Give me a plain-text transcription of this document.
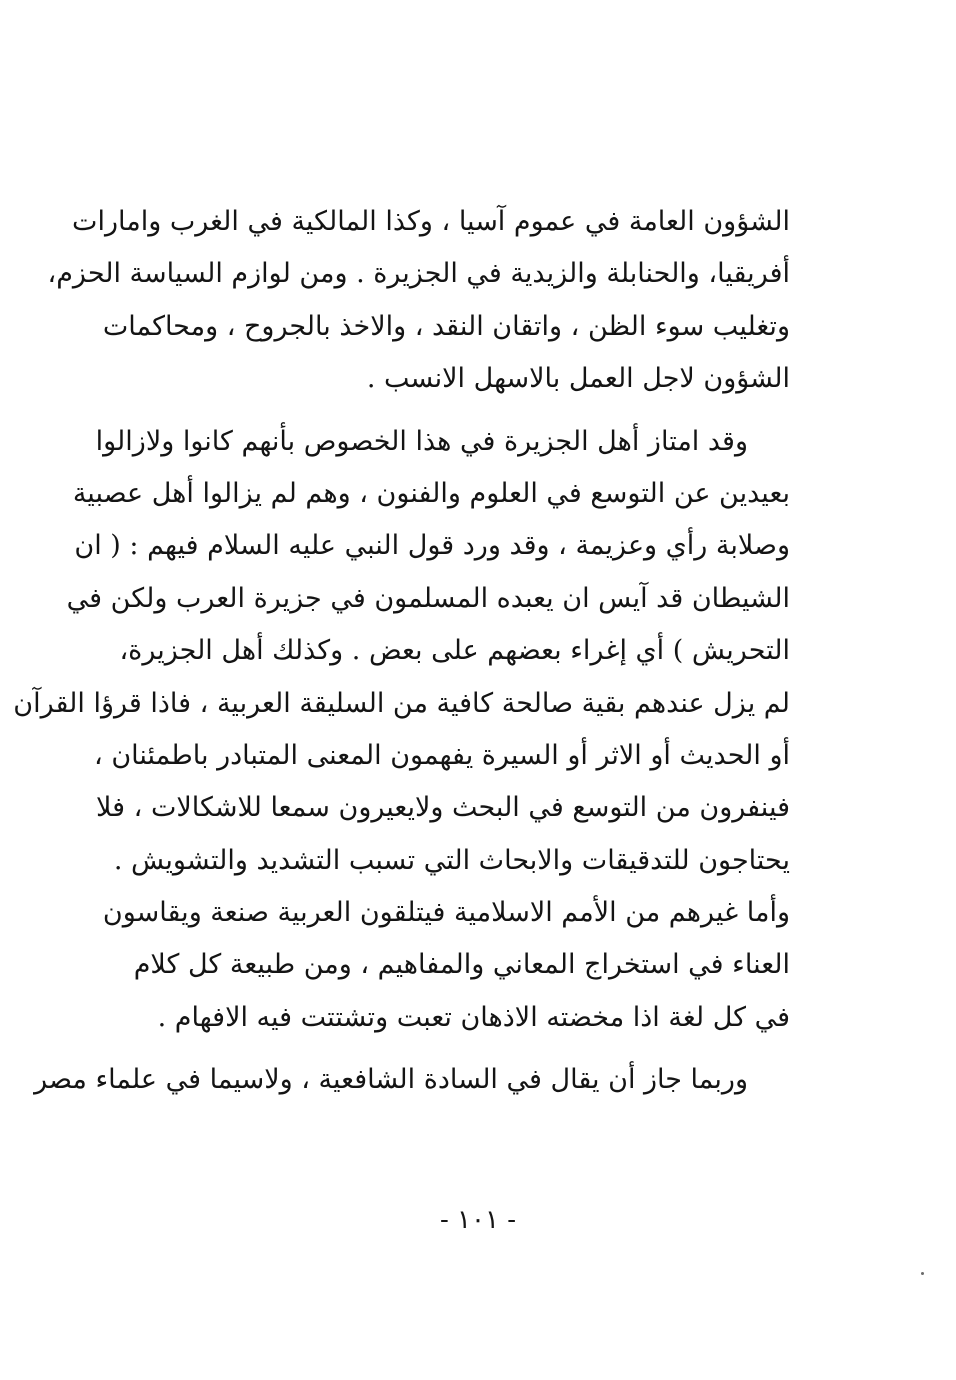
الشؤون العامة في عموم آسيا ، وكذا المالكية في الغرب وامارات
أفريقيا، والحنابلة والزيدية في الجزيرة . ومن لوازم السياسة الحزم،
وتغليب سوء الظن ، واتقان النقد ، والاخذ بالجروح ، ومحاكمات
الشؤون لاجل العمل بالاسهل الانسب .
وقد امتاز أهل الجزيرة في هذا الخصوص بأنهم كانوا ولازالوا
بعيدين عن التوسع في العلوم والفنون ، وهم لم يزالوا أهل عصبية
وصلابة رأي وعزيمة ، وقد ورد قول النبي عليه السلام فيهم : ( ان
الشيطان قد آيس ان يعبده المسلمون في جزيرة العرب ولكن في
التحريش ) أي إغراء بعضهم على بعض . وكذلك أهل الجزيرة،
لم يزل عندهم بقية صالحة كافية من السليقة العربية ، فاذا قرؤا القرآن
أو الحديث أو الاثر أو السيرة يفهمون المعنى المتبادر باطمئنان ،
فينفرون من التوسع في البحث ولايعيرون سمعا للاشكالات ، فلا
يحتاجون للتدقيقات والابحاث التي تسبب التشديد والتشويش .
وأما غيرهم من الأمم الاسلامية فيتلقون العربية صنعة ويقاسون
العناء في استخراج المعاني والمفاهيم ، ومن طبيعة كل كلام
في كل لغة اذا مخضته الاذهان تعبت وتشتتت فيه الافهام .
وربما جاز أن يقال في السادة الشافعية ، ولاسيما في علماء مصر
- ١٠١ -
